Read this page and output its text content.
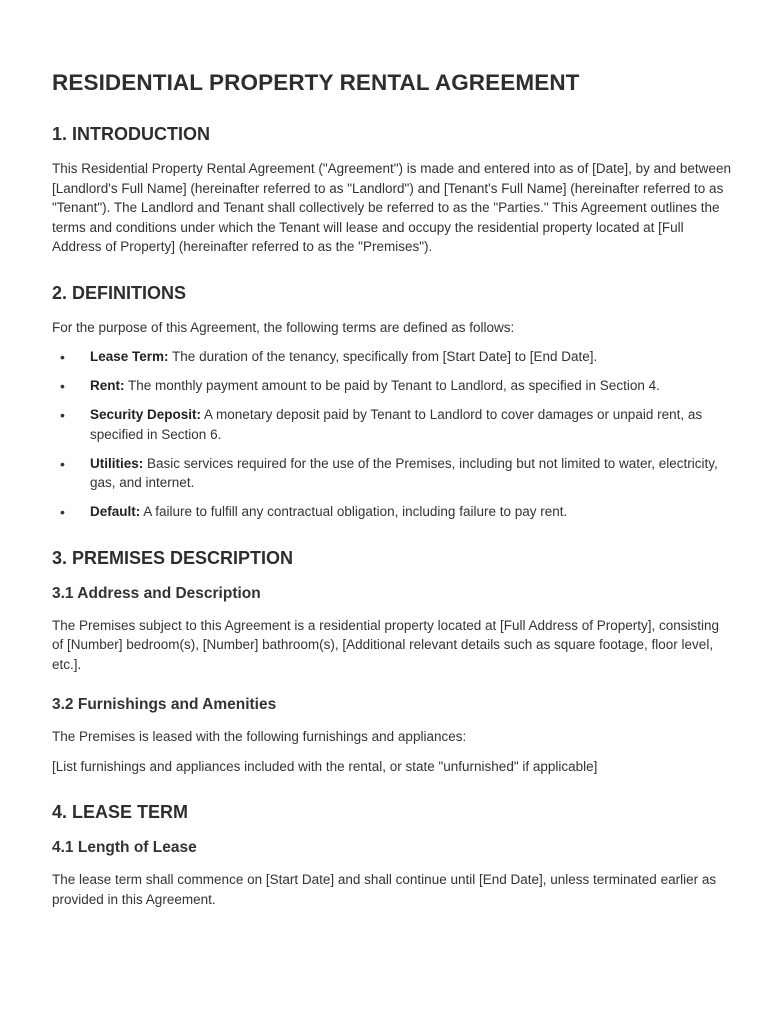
RESIDENTIAL PROPERTY RENTAL AGREEMENT
1. INTRODUCTION

This Residential Property Rental Agreement ("Agreement") is made and entered into as of [Date], by and between [Landlord's Full Name] (hereinafter referred to as "Landlord") and [Tenant's Full Name] (hereinafter referred to as "Tenant"). The Landlord and Tenant shall collectively be referred to as the "Parties." This Agreement outlines the terms and conditions under which the Tenant will lease and occupy the residential property located at [Full Address of Property] (hereinafter referred to as the "Premises").

2. DEFINITIONS

For the purpose of this Agreement, the following terms are defined as follows:

• Lease Term: The duration of the tenancy, specifically from [Start Date] to [End Date].
• Rent: The monthly payment amount to be paid by Tenant to Landlord, as specified in Section 4.
• Security Deposit: A monetary deposit paid by Tenant to Landlord to cover damages or unpaid rent, as specified in Section 6.
• Utilities: Basic services required for the use of the Premises, including but not limited to water, electricity, gas, and internet.
• Default: A failure to fulfill any contractual obligation, including failure to pay rent.
3. PREMISES DESCRIPTION
3.1 Address and Description

The Premises subject to this Agreement is a residential property located at [Full Address of Property], consisting of [Number] bedroom(s), [Number] bathroom(s), [Additional relevant details such as square footage, floor level, etc.].

3.2 Furnishings and Amenities

The Premises is leased with the following furnishings and appliances:

[List furnishings and appliances included with the rental, or state "unfurnished" if applicable]

4. LEASE TERM
4.1 Length of Lease

The lease term shall commence on [Start Date] and shall continue until [End Date], unless terminated earlier as provided in this Agreement.
